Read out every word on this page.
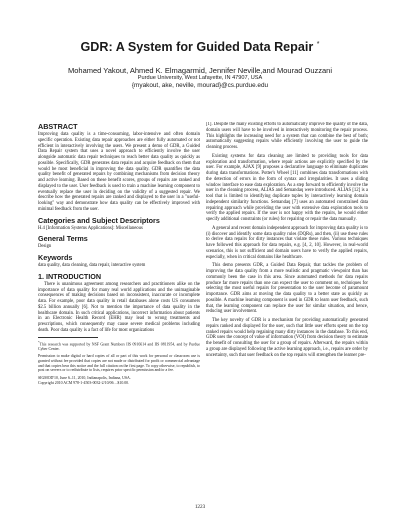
GDR: A System for Guided Data Repair *
Mohamed Yakout, Ahmed K. Elmagarmid, Jennifer Neville,and Mourad Ouzzani
Purdue University, West Lafayette, IN 47907, USA
{myakout, ake, neville, mourad}@cs.purdue.edu
ABSTRACT

Improving data quality is a time-consuming, labor-intensive and often domain specific operation. Existing data repair approaches are either fully automated or not efficient in interactively involving the users. We present a demo of GDR, a Guided Data Repair system that uses a novel approach to efficiently involve the user alongside automatic data repair techniques to reach better data quality as quickly as possible. Specifically, GDR generates data repairs and acquire feedback on them that would be most beneficial in improving the data quality. GDR quantifies the data quality benefit of generated repairs by combining mechanisms from decision theory and active learning. Based on these benefit scores, groups of repairs are ranked and displayed to the user. User feedback is used to train a machine learning component to eventually replace the user in deciding on the validity of a suggested repair. We describe how the generated repairs are ranked and displayed to the user in a "useful-looking" way and demonstrate how data quality can be effectively improved with minimal feedback from the user.

Categories and Subject Descriptors

H.4 [Information Systems Applications]: Miscellaneous

General Terms

Design

Keywords

data quality, data cleaning, data repair, interactive system

1. INTRODUCTION

There is unanimous agreement among researchers and practitioners alike on the importance of data quality for many real world applications and the unimaginable consequences of making decisions based on inconsistent, inaccurate or incomplete data. For example, poor data quality in retail databases alone costs US consumers $2.5 billion annually [6]. Not to mention the importance of data quality in the healthcare domain. In such critical applications, incorrect information about patients in an Electronic Health Record (EHR) may lead to wrong treatments and prescriptions, which consequently may cause severe medical problems including death. Poor data quality is a fact of life for most organizations

*This research was supported by NSF Grant Numbers IIS 0916614 and IIS 0811954, and by Purdue Cyber Center.

Permission to make digital or hard copies of all or part of this work for personal or classroom use is granted without fee provided that copies are not made or distributed for profit or commercial advantage and that copies bear this notice and the full citation on the first page. To copy otherwise, to republish, to post on servers or to redistribute to lists, requires prior specific permission and/or a fee.

SIGMOD'10, June 6–11, 2010, Indianapolis, Indiana, USA.

Copyright 2010 ACM 978-1-4503-0032-2/10/06 ...$10.00.

[1]. Despite the many existing efforts to automatically improve the quality of the data, domain users will have to be involved in interactively monitoring the repair process. This highlights the increasing need for a system that can combine the best of both; automatically suggesting repairs while efficiently involving the user to guide the cleaning process.

Existing systems for data cleaning are limited to providing tools for data exploration and transformation, where repair actions are explicitly specified by the user. For example, AJAX [9] proposes a declarative language to eliminate duplicates during data transformations. Potter's Wheel [11] combines data transformations with the detection of errors in the form of syntax and irregularities. It uses a sliding window interface to ease data exploration. As a step forward to efficiently involve the user in the cleaning process, ALIAS and Semandaq were introduced. ALIAS [12] is a tool that is limited to identifying duplicate tuples by interactively learning domain independent similarity functions. Semandaq [7] uses an automated constrained data repairing approach while providing the user with extensive data exploration tools to verify the applied repairs. If the user is not happy with the repairs, he would either specify additional constraints (or rules) for repairing or repair the data manually.

A general and recent domain independent approach for improving data quality is to (i) discover and identify some data quality rules (DQRs), and then, (ii) use these rules to derive data repairs for dirty instances that violate these rules. Various techniques have followed this approach for data repairs, e.g. [4, 2, 10]. However, in real-world scenarios, this is not sufficient and domain users have to verify the applied repairs, especially, when in critical domains like healthcare.

This demo presents GDR, a Guided Data Repair, that tackles the problem of improving the data quality from a more realistic and pragmatic viewpoint than has commonly been the case in this area. Since automated methods for data repairs produce far more repairs than one can expect the user to comment on, techniques for selecting the most useful repairs for presentation to the user become of paramount importance. GDR aims at moving the data quality to a better state as quickly as possible. A machine learning component is used in GDR to learn user feedback, such that, the learning component can replace the user for similar situation, and hence, reducing user involvement.

The key novelty of GDR is a mechanism for providing automatically generated repairs ranked and displayed for the user, such that little user efforts spent on the top ranked repairs would help regaining many dirty instances in the database. To this end, GDR uses the concept of value of information (VOI) from decision theory to estimate the benefit of consulting the user for a group of repairs. Afterward, the repairs within a group are displayed following the active learning approach, i.e., repairs are order by uncertainty, such that user feedback on the top repairs will strengthen the learner pre-

1223
